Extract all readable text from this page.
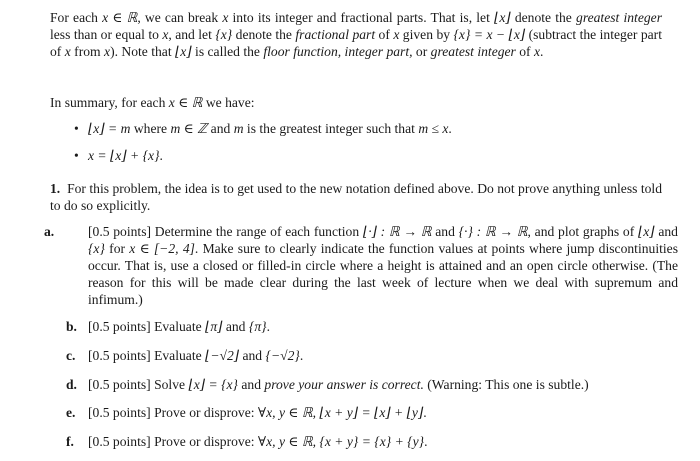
For each x ∈ ℝ, we can break x into its integer and fractional parts. That is, let ⌊x⌋ denote the greatest integer less than or equal to x, and let {x} denote the fractional part of x given by {x} = x − ⌊x⌋ (subtract the integer part of x from x). Note that ⌊x⌋ is called the floor function, integer part, or greatest integer of x.
In summary, for each x ∈ ℝ we have:
• ⌊x⌋ = m where m ∈ ℤ and m is the greatest integer such that m ≤ x.
• x = ⌊x⌋ + {x}.
1. For this problem, the idea is to get used to the new notation defined above. Do not prove anything unless told to do so explicitly.
a. [0.5 points] Determine the range of each function ⌊·⌋ : ℝ → ℝ and {·} : ℝ → ℝ, and plot graphs of ⌊x⌋ and {x} for x ∈ [−2, 4]. Make sure to clearly indicate the function values at points where jump discontinuities occur. That is, use a closed or filled-in circle where a height is attained and an open circle otherwise. (The reason for this will be made clear during the last week of lecture when we deal with supremum and infimum.)
b. [0.5 points] Evaluate ⌊π⌋ and {π}.
c. [0.5 points] Evaluate ⌊−√2⌋ and {−√2}.
d. [0.5 points] Solve ⌊x⌋ = {x} and prove your answer is correct. (Warning: This one is subtle.)
e. [0.5 points] Prove or disprove: ∀x, y ∈ ℝ, ⌊x + y⌋ = ⌊x⌋ + ⌊y⌋.
f. [0.5 points] Prove or disprove: ∀x, y ∈ ℝ, {x + y} = {x} + {y}.
